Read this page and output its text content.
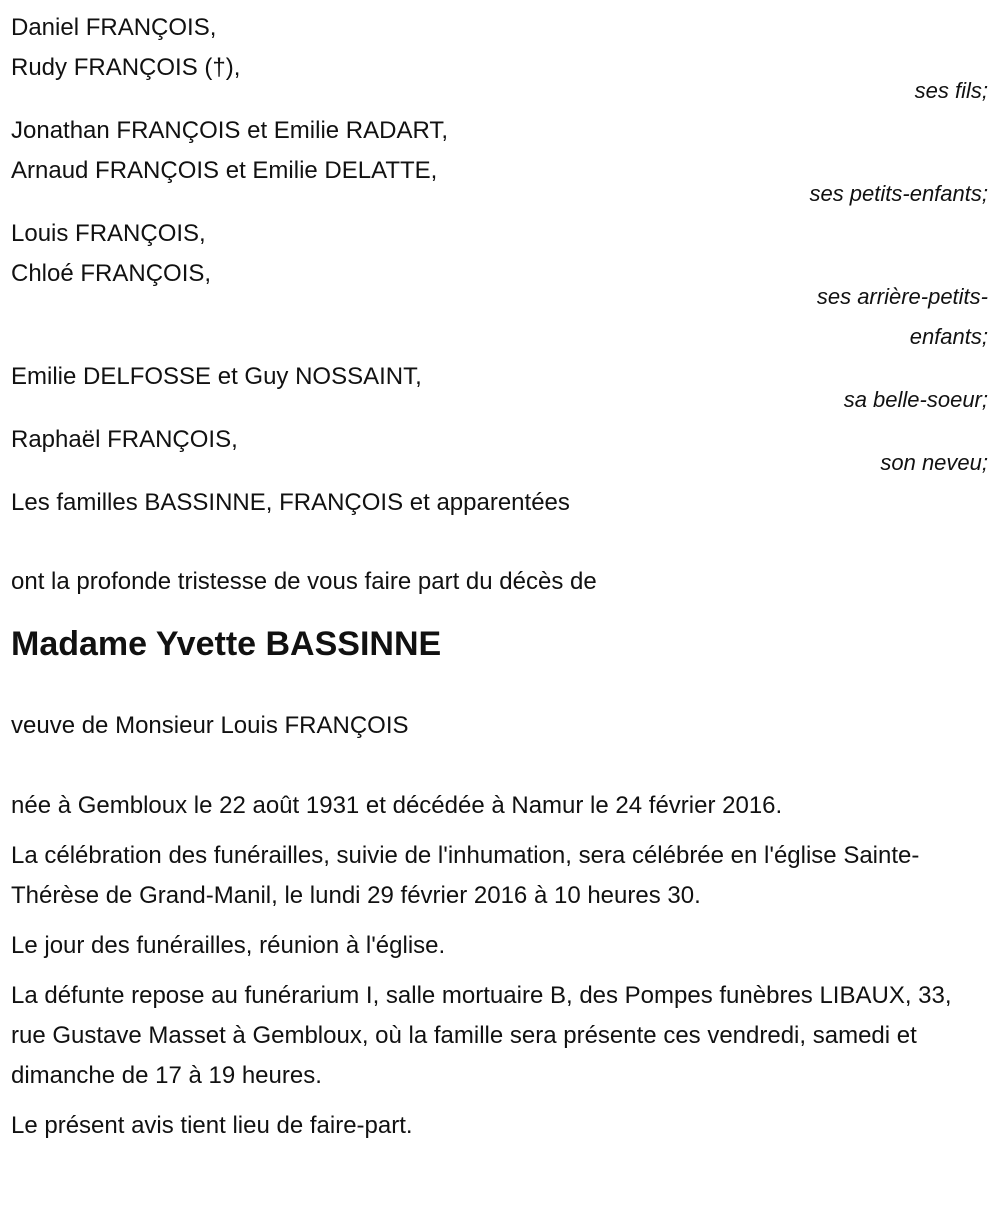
Daniel FRANÇOIS,
Rudy FRANÇOIS (†),
ses fils;
Jonathan FRANÇOIS et Emilie RADART,
Arnaud FRANÇOIS et Emilie DELATTE,
ses petits-enfants;
Louis FRANÇOIS,
Chloé FRANÇOIS,
ses arrière-petits-enfants;
Emilie DELFOSSE et Guy NOSSAINT,
sa belle-soeur;
Raphaël FRANÇOIS,
son neveu;
Les familles BASSINNE, FRANÇOIS et apparentées
ont la profonde tristesse de vous faire part du décès de
Madame Yvette BASSINNE
veuve de Monsieur Louis FRANÇOIS
née à Gembloux le 22 août 1931 et décédée à Namur le 24 février 2016.
La célébration des funérailles, suivie de l'inhumation, sera célébrée en l'église Sainte-Thérèse de Grand-Manil, le lundi 29 février 2016 à 10 heures 30.
Le jour des funérailles, réunion à l'église.
La défunte repose au funérarium I, salle mortuaire B, des Pompes funèbres LIBAUX, 33, rue Gustave Masset à Gembloux, où la famille sera présente ces vendredi, samedi et dimanche de 17 à 19 heures.
Le présent avis tient lieu de faire-part.
